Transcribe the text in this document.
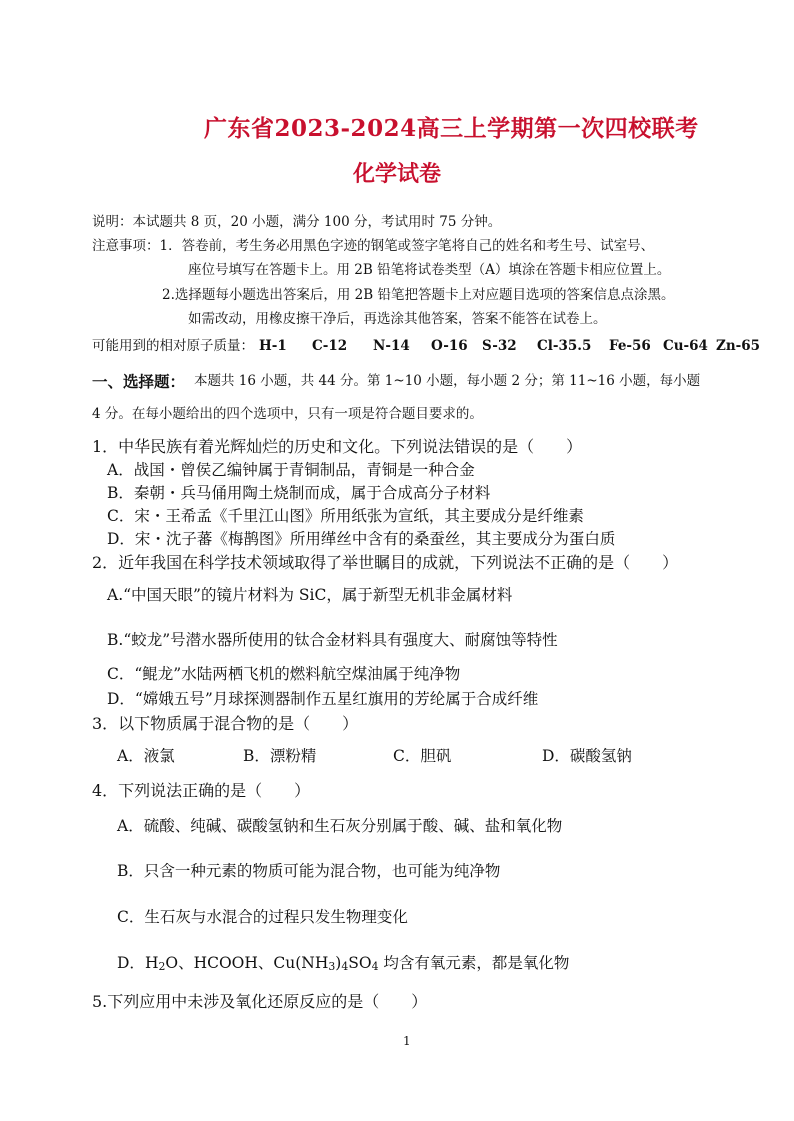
广东省2023-2024高三上学期第一次四校联考
化学试卷
说明：本试题共 8 页，20 小题，满分 100 分，考试用时 75 分钟。
注意事项：1．答卷前，考生务必用黑色字迹的钢笔或签字笔将自己的姓名和考生号、试室号、
座位号填写在答题卡上。用 2B 铅笔将试卷类型（A）填涂在答题卡相应位置上。
2.选择题每小题选出答案后，用 2B 铅笔把答题卡上对应题目选项的答案信息点涂黑。
如需改动，用橡皮擦干净后，再选涂其他答案，答案不能答在试卷上。
可能用到的相对原子质量： H-1 C-12 N-14 O-16 S-32 Cl-35.5 Fe-56 Cu-64 Zn-65
一、选择题： 本题共 16 小题，共 44 分。第 1~10 小题，每小题 2 分；第 11~16 小题，每小题
4 分。在每小题给出的四个选项中，只有一项是符合题目要求的。
1．中华民族有着光辉灿烂的历史和文化。下列说法错误的是（　　）
A．战国・曾侯乙编钟属于青铜制品，青铜是一种合金
B．秦朝・兵马俑用陶土烧制而成，属于合成高分子材料
C．宋・王希孟《千里江山图》所用纸张为宣纸，其主要成分是纤维素
D．宋・沈子蕃《梅鹊图》所用缂丝中含有的桑蚕丝，其主要成分为蛋白质
2．近年我国在科学技术领域取得了举世瞩目的成就，下列说法不正确的是（　　）
A.“中国天眼”的镜片材料为 SiC，属于新型无机非金属材料
B.“蛟龙”号潜水器所使用的钛合金材料具有强度大、耐腐蚀等特性
C．“鲲龙”水陆两栖飞机的燃料航空煤油属于纯净物
D．“嫦娥五号”月球探测器制作五星红旗用的芳纶属于合成纤维
3．以下物质属于混合物的是（　　）
A．液氯	B．漂粉精	C．胆矾	D．碳酸氢钠
4．下列说法正确的是（　　）
A．硫酸、纯碱、碳酸氢钠和生石灰分别属于酸、碱、盐和氧化物
B．只含一种元素的物质可能为混合物，也可能为纯净物
C．生石灰与水混合的过程只发生物理变化
D．$H_2O$、HCOOH、$Cu(NH_3)_4SO_4$ 均含有氧元素，都是氧化物
5.下列应用中未涉及氧化还原反应的是（　　）
1
